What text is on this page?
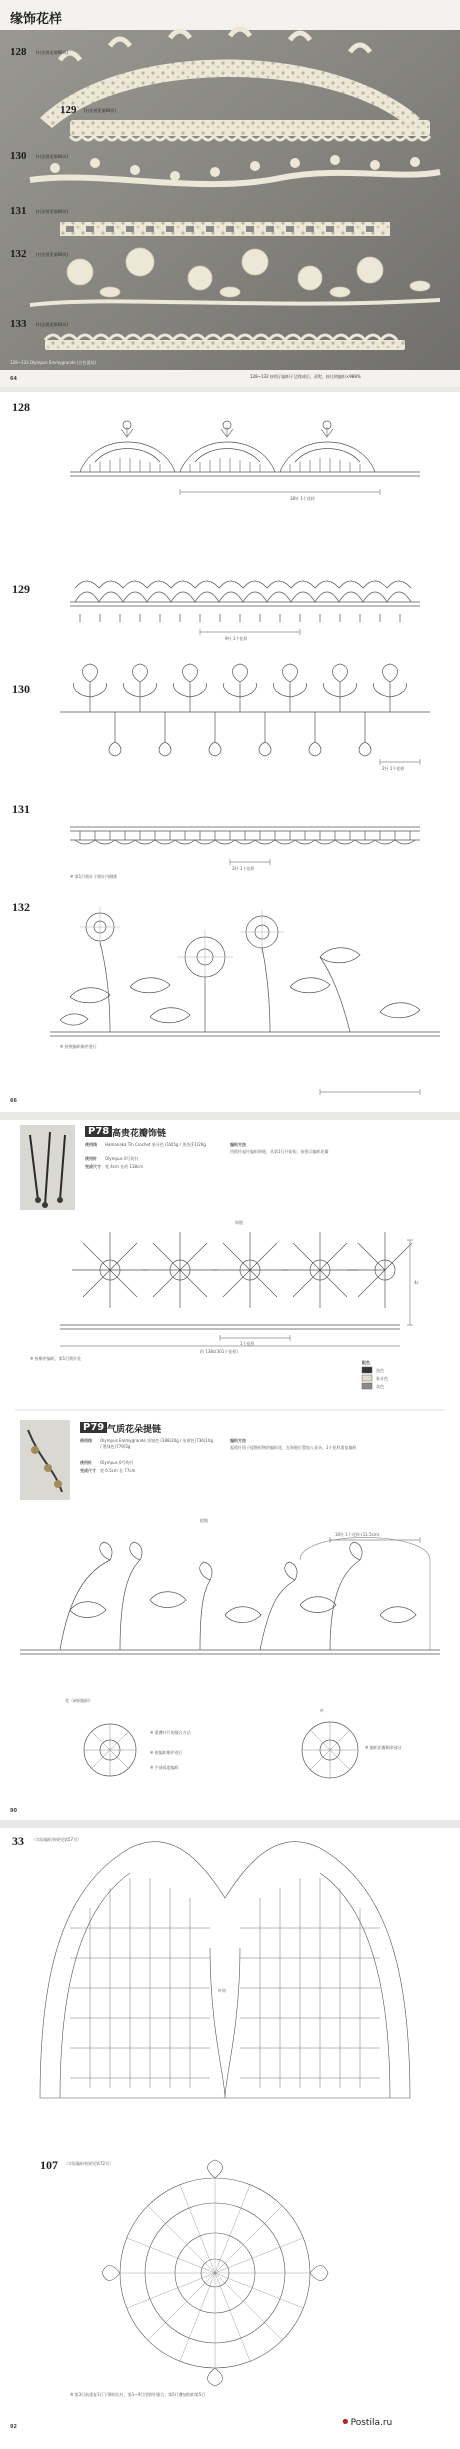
缘饰花样
128 (针法图见第66页)
129 (针法图见第66页)
130 (针法图见第66页)
131 (针法图见第66页)
132 (针法图见第66页)
133 (针法图见第64页)
128~133 Olympus Emmygrande (白色蕾丝)
128~132 按图示编织于边缘或后，蒸熨，按比例编织×988%
64
128
38针 1个花样
129
9针 1个花样
130
2针 1个花样
131
3针 1个花样
※ 第1行锁针于锁针内侧挑
132
※ 按照编织顺序进行
66
P78 高贵花瓣饰链
使用线 Hamanaka Tih Crochet 象牙色 (18)5g / 黑色(F1)20g
使用针 Olympus 0号钩针
完成尺寸 宽 4cm 长约 138cm
编织方法
用锁针起针编织饰链，从第1行开始钩，按图示编织花瓣
饰链
4c
1个花样
约 138c(301个花样)
※ 按顺序编织，第1行锁针处
配色
黑色
象牙色
灰色
P79 气质花朵提链
使用线 Olympus Emmygrande 黑银色 (388)20g / 灰黄色(736)10g / 墨绿色(779)5g
使用针 Olympus 0号钩针
完成尺寸 宽 6.5cm 长 77cm
编织方法
起锁针钩于提链织物的编织花，在饰链位置加入花朵，1个花样重复编织
提链
10针 1个花样 (11.5cm)
花（缺损编织）
叶
※ 重叠叶片的缝合方法
※ 按编织顺序进行
※ 手部弧度编织
※ 编织花瓣剩余部分
90
33 （实际编织效果见第57页）
叶钩
107 （实际编织效果见第72页）
※ 第3行前重复1行下侧的长针，第1~4行用锁针缝合；第5行叠加钩织第5行
92	•Postila.ru
